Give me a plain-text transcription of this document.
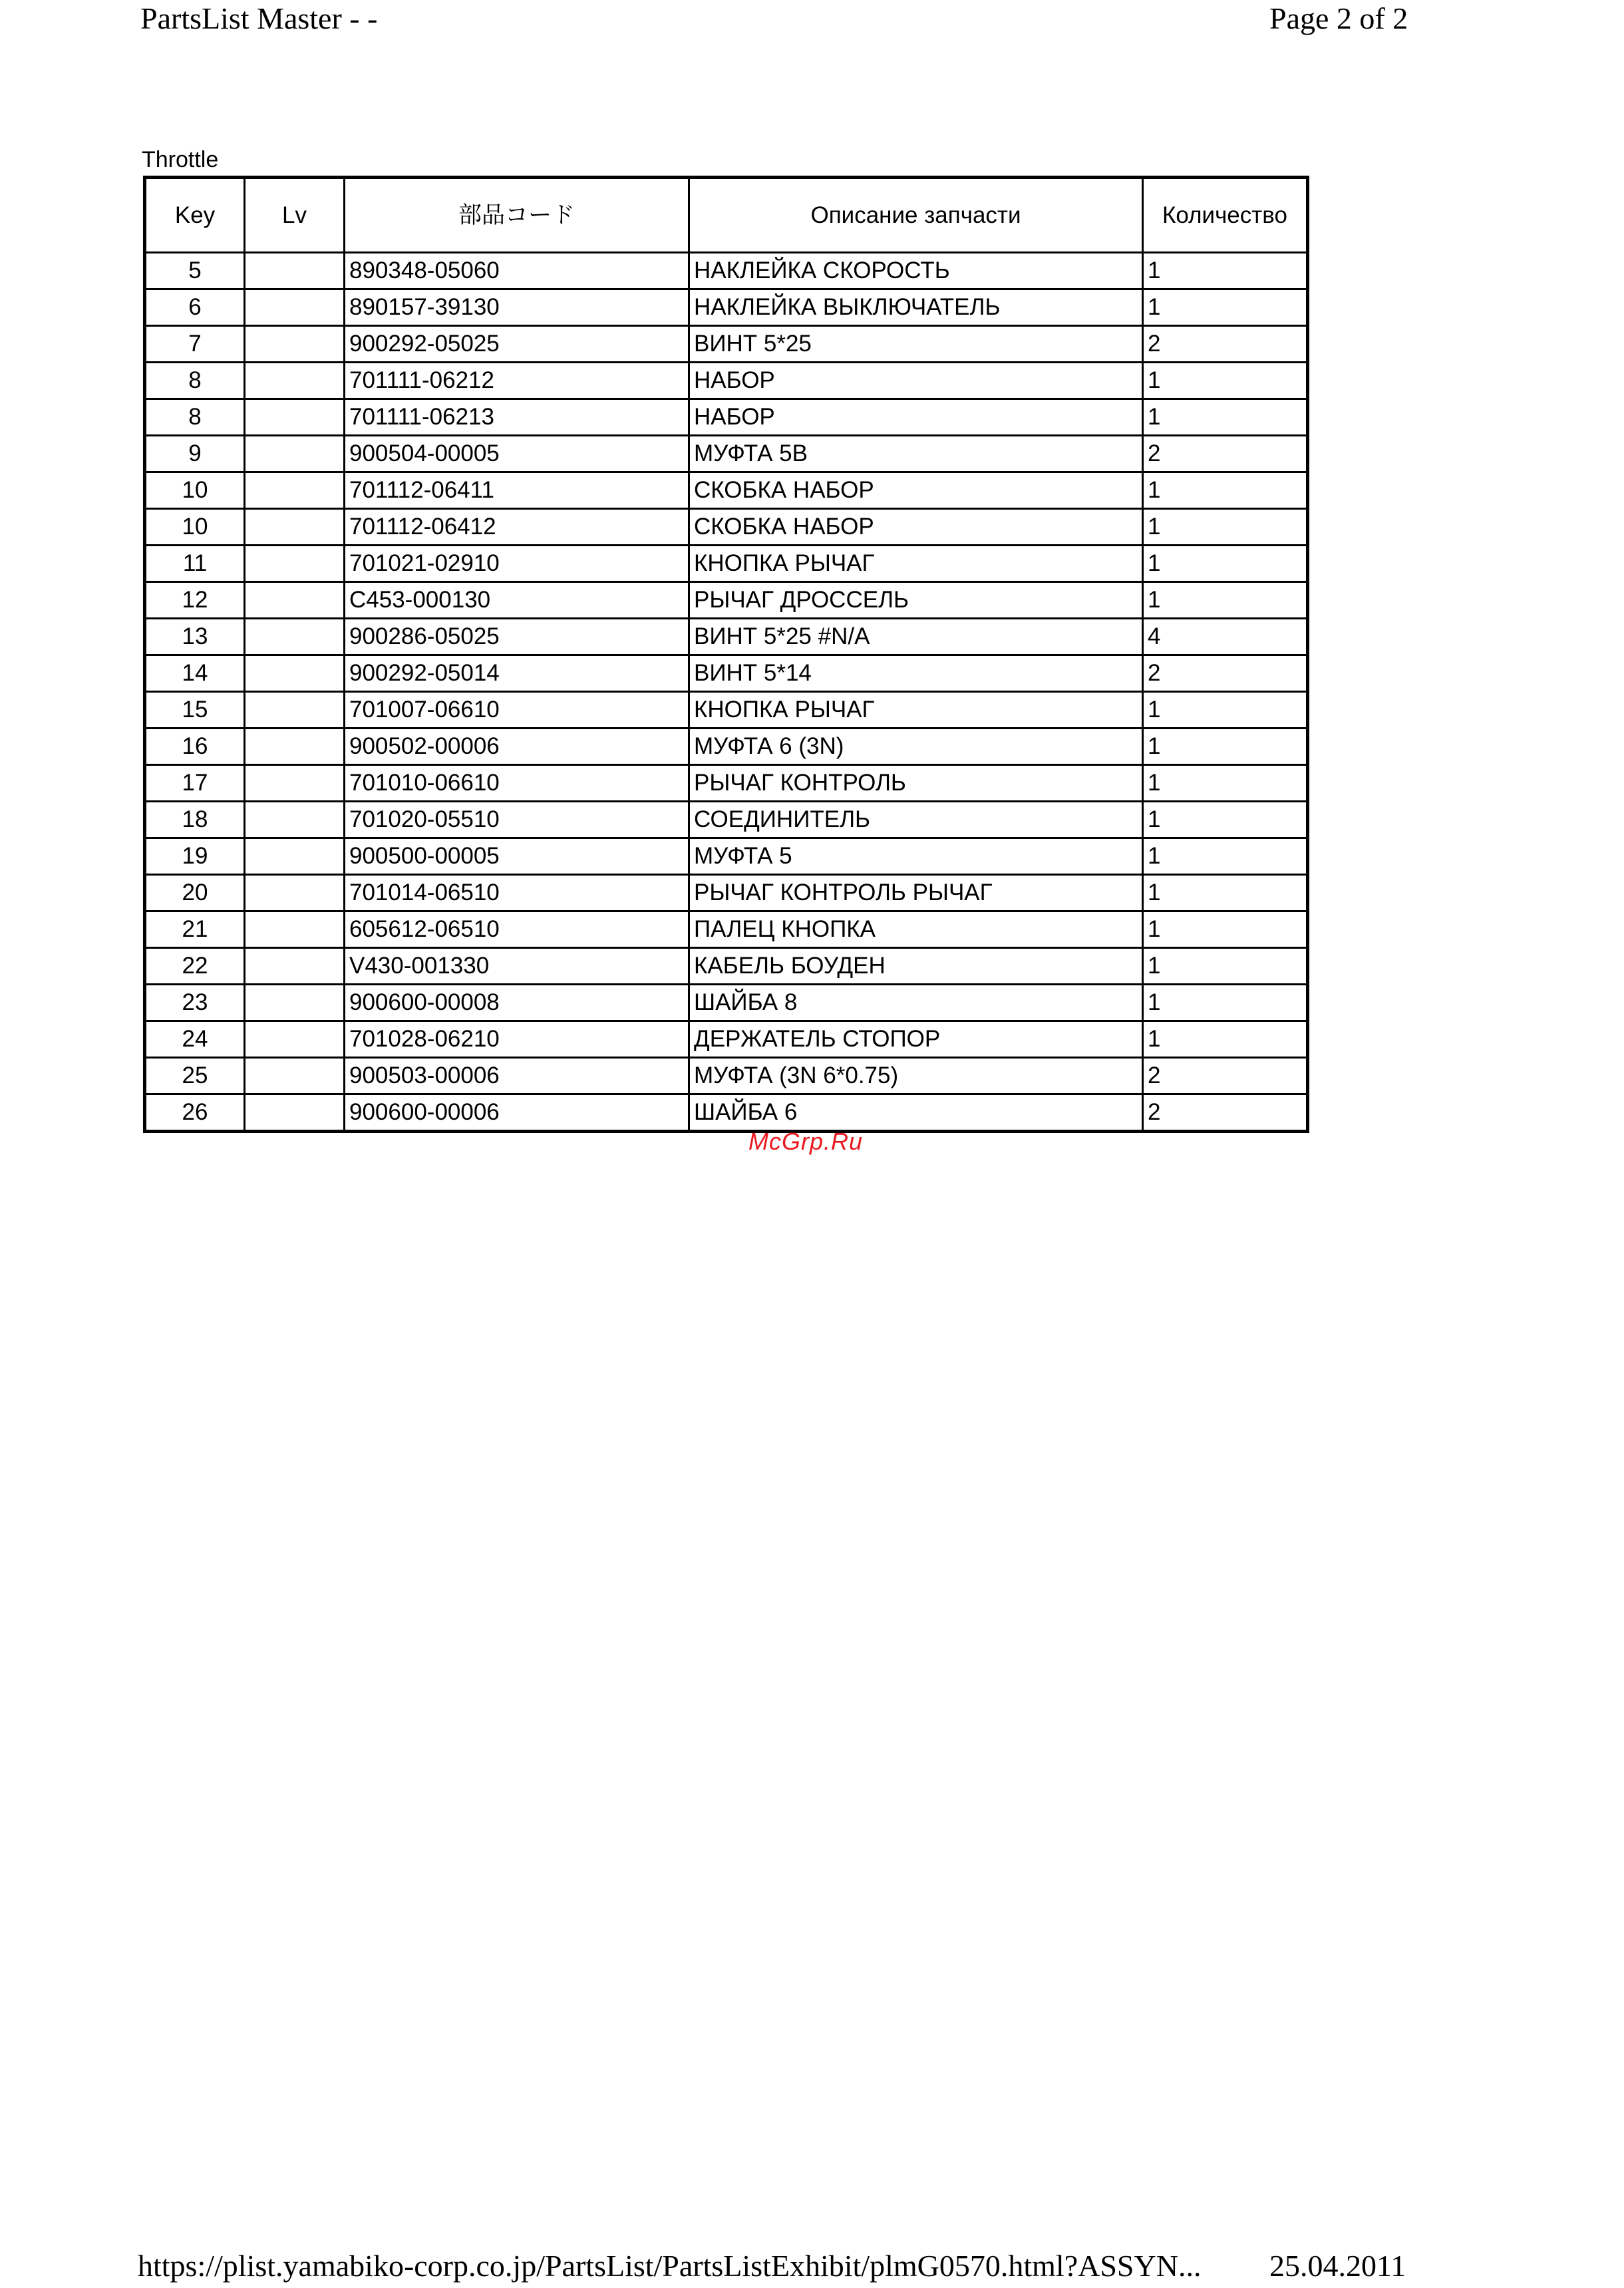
PartsList Master - -	Page 2 of 2
Throttle
Key	Lv	部品コード	Описание запчасти	Количество
5		890348-05060	НАКЛЕЙКА СКОРОСТЬ	1
6		890157-39130	НАКЛЕЙКА ВЫКЛЮЧАТЕЛЬ	1
7		900292-05025	ВИНТ 5*25	2
8		701111-06212	НАБОР	1
8		701111-06213	НАБОР	1
9		900504-00005	МУФТА 5В	2
10		701112-06411	СКОБКА НАБОР	1
10		701112-06412	СКОБКА НАБОР	1
11		701021-02910	КНОПКА РЫЧАГ	1
12		C453-000130	РЫЧАГ ДРОССЕЛЬ	1
13		900286-05025	ВИНТ 5*25 #N/A	4
14		900292-05014	ВИНТ 5*14	2
15		701007-06610	КНОПКА РЫЧАГ	1
16		900502-00006	МУФТА 6 (3N)	1
17		701010-06610	РЫЧАГ КОНТРОЛЬ	1
18		701020-05510	СОЕДИНИТЕЛЬ	1
19		900500-00005	МУФТА 5	1
20		701014-06510	РЫЧАГ КОНТРОЛЬ РЫЧАГ	1
21		605612-06510	ПАЛЕЦ КНОПКА	1
22		V430-001330	КАБЕЛЬ БОУДЕН	1
23		900600-00008	ШАЙБА 8	1
24		701028-06210	ДЕРЖАТЕЛЬ СТОПОР	1
25		900503-00006	МУФТА (3N 6*0.75)	2
26		900600-00006	ШАЙБА 6	2
McGrp.Ru
https://plist.yamabiko-corp.co.jp/PartsList/PartsListExhibit/plmG0570.html?ASSYN... 25.04.2011
